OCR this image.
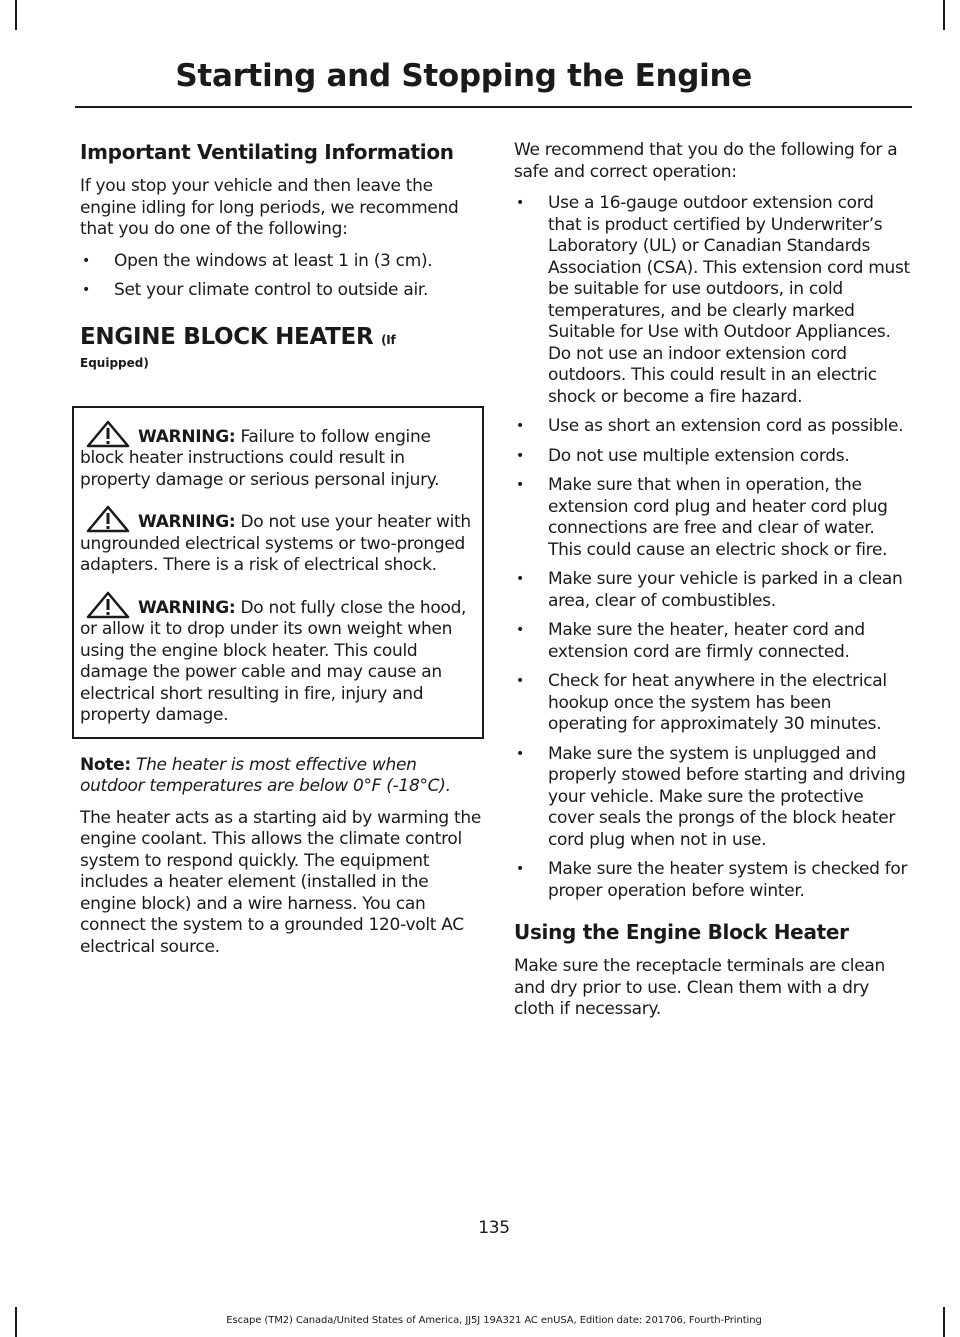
Starting and Stopping the Engine
Important Ventilating Information

If you stop your vehicle and then leave the engine idling for long periods, we recommend that you do one of the following:

• Open the windows at least 1 in (3 cm).
• Set your climate control to outside air.
ENGINE BLOCK HEATER (If
Equipped)

WARNING: Failure to follow engine block heater instructions could result in property damage or serious personal injury.

WARNING: Do not use your heater with ungrounded electrical systems or two-pronged adapters. There is a risk of electrical shock.

WARNING: Do not fully close the hood, or allow it to drop under its own weight when using the engine block heater. This could damage the power cable and may cause an electrical short resulting in fire, injury and property damage.

Note: The heater is most effective when outdoor temperatures are below 0°F (-18°C).

The heater acts as a starting aid by warming the engine coolant. This allows the climate control system to respond quickly. The equipment includes a heater element (installed in the engine block) and a wire harness. You can connect the system to a grounded 120-volt AC electrical source.

We recommend that you do the following for a safe and correct operation:

• Use a 16-gauge outdoor extension cord that is product certified by Underwriter’s Laboratory (UL) or Canadian Standards Association (CSA). This extension cord must be suitable for use outdoors, in cold temperatures, and be clearly marked Suitable for Use with Outdoor Appliances. Do not use an indoor extension cord outdoors. This could result in an electric shock or become a fire hazard.
• Use as short an extension cord as possible.
• Do not use multiple extension cords.
• Make sure that when in operation, the extension cord plug and heater cord plug connections are free and clear of water. This could cause an electric shock or fire.
• Make sure your vehicle is parked in a clean area, clear of combustibles.
• Make sure the heater, heater cord and extension cord are firmly connected.
• Check for heat anywhere in the electrical hookup once the system has been operating for approximately 30 minutes.
• Make sure the system is unplugged and properly stowed before starting and driving your vehicle. Make sure the protective cover seals the prongs of the block heater cord plug when not in use.
• Make sure the heater system is checked for proper operation before winter.
Using the Engine Block Heater

Make sure the receptacle terminals are clean and dry prior to use. Clean them with a dry cloth if necessary.

135

Escape (TM2) Canada/United States of America, JJ5J 19A321 AC enUSA, Edition date: 201706, Fourth-Printing
